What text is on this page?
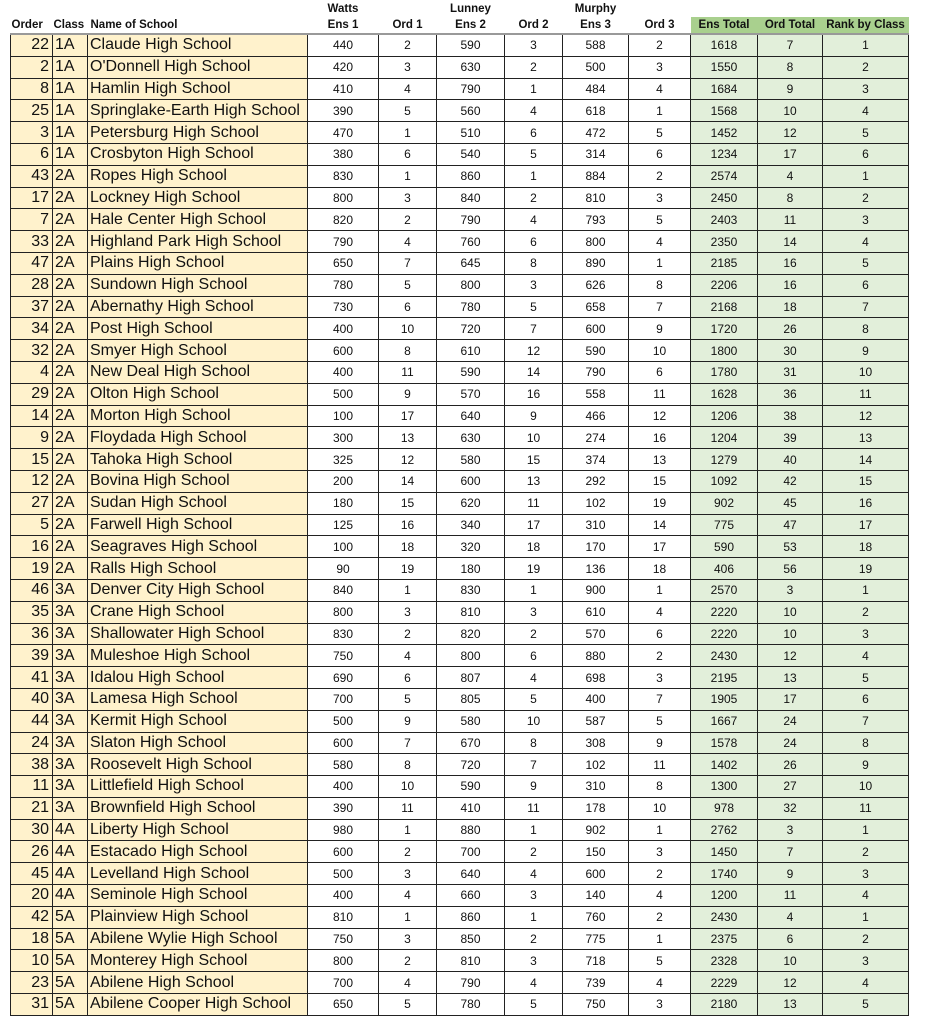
			Watts		Lunney		Murphy				
Order	Class	Name of School	Ens 1	Ord 1	Ens 2	Ord 2	Ens 3	Ord 3	Ens Total	Ord Total	Rank by Class
22	1A	Claude High School	440	2	590	3	588	2	1618	7	1
2	1A	O'Donnell High School	420	3	630	2	500	3	1550	8	2
8	1A	Hamlin High School	410	4	790	1	484	4	1684	9	3
25	1A	Springlake-Earth High School	390	5	560	4	618	1	1568	10	4
3	1A	Petersburg High School	470	1	510	6	472	5	1452	12	5
6	1A	Crosbyton High School	380	6	540	5	314	6	1234	17	6
43	2A	Ropes High School	830	1	860	1	884	2	2574	4	1
17	2A	Lockney High School	800	3	840	2	810	3	2450	8	2
7	2A	Hale Center High School	820	2	790	4	793	5	2403	11	3
33	2A	Highland Park High School	790	4	760	6	800	4	2350	14	4
47	2A	Plains High School	650	7	645	8	890	1	2185	16	5
28	2A	Sundown High School	780	5	800	3	626	8	2206	16	6
37	2A	Abernathy High School	730	6	780	5	658	7	2168	18	7
34	2A	Post High School	400	10	720	7	600	9	1720	26	8
32	2A	Smyer High School	600	8	610	12	590	10	1800	30	9
4	2A	New Deal High School	400	11	590	14	790	6	1780	31	10
29	2A	Olton High School	500	9	570	16	558	11	1628	36	11
14	2A	Morton High School	100	17	640	9	466	12	1206	38	12
9	2A	Floydada High School	300	13	630	10	274	16	1204	39	13
15	2A	Tahoka High School	325	12	580	15	374	13	1279	40	14
12	2A	Bovina High School	200	14	600	13	292	15	1092	42	15
27	2A	Sudan High School	180	15	620	11	102	19	902	45	16
5	2A	Farwell High School	125	16	340	17	310	14	775	47	17
16	2A	Seagraves High School	100	18	320	18	170	17	590	53	18
19	2A	Ralls High School	90	19	180	19	136	18	406	56	19
46	3A	Denver City High School	840	1	830	1	900	1	2570	3	1
35	3A	Crane High School	800	3	810	3	610	4	2220	10	2
36	3A	Shallowater High School	830	2	820	2	570	6	2220	10	3
39	3A	Muleshoe High School	750	4	800	6	880	2	2430	12	4
41	3A	Idalou High School	690	6	807	4	698	3	2195	13	5
40	3A	Lamesa High School	700	5	805	5	400	7	1905	17	6
44	3A	Kermit High School	500	9	580	10	587	5	1667	24	7
24	3A	Slaton High School	600	7	670	8	308	9	1578	24	8
38	3A	Roosevelt High School	580	8	720	7	102	11	1402	26	9
11	3A	Littlefield High School	400	10	590	9	310	8	1300	27	10
21	3A	Brownfield High School	390	11	410	11	178	10	978	32	11
30	4A	Liberty High School	980	1	880	1	902	1	2762	3	1
26	4A	Estacado High School	600	2	700	2	150	3	1450	7	2
45	4A	Levelland High School	500	3	640	4	600	2	1740	9	3
20	4A	Seminole High School	400	4	660	3	140	4	1200	11	4
42	5A	Plainview High School	810	1	860	1	760	2	2430	4	1
18	5A	Abilene Wylie High School	750	3	850	2	775	1	2375	6	2
10	5A	Monterey High School	800	2	810	3	718	5	2328	10	3
23	5A	Abilene High School	700	4	790	4	739	4	2229	12	4
31	5A	Abilene Cooper High School	650	5	780	5	750	3	2180	13	5
